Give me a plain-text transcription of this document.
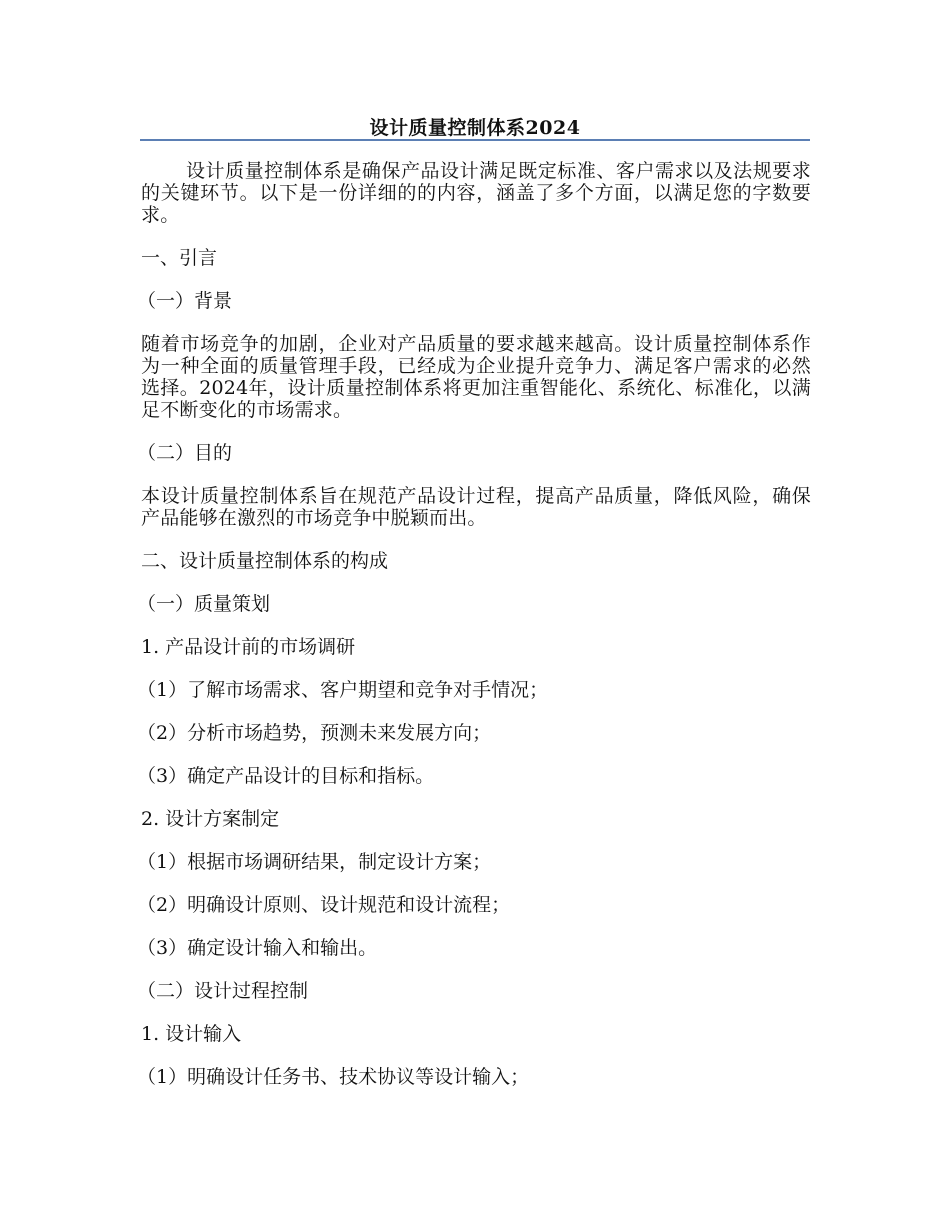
设计质量控制体系2024

设计质量控制体系是确保产品设计满足既定标准、客户需求以及法规要求的关键环节。以下是一份详细的的内容，涵盖了多个方面，以满足您的字数要求。

一、引言

（一）背景

随着市场竞争的加剧，企业对产品质量的要求越来越高。设计质量控制体系作为一种全面的质量管理手段，已经成为企业提升竞争力、满足客户需求的必然选择。2024年，设计质量控制体系将更加注重智能化、系统化、标准化，以满足不断变化的市场需求。

（二）目的

本设计质量控制体系旨在规范产品设计过程，提高产品质量，降低风险，确保产品能够在激烈的市场竞争中脱颖而出。

二、设计质量控制体系的构成

（一）质量策划

1. 产品设计前的市场调研

（1）了解市场需求、客户期望和竞争对手情况；

（2）分析市场趋势，预测未来发展方向；

（3）确定产品设计的目标和指标。

2. 设计方案制定

（1）根据市场调研结果，制定设计方案；

（2）明确设计原则、设计规范和设计流程；

（3）确定设计输入和输出。

（二）设计过程控制

1. 设计输入

（1）明确设计任务书、技术协议等设计输入；
